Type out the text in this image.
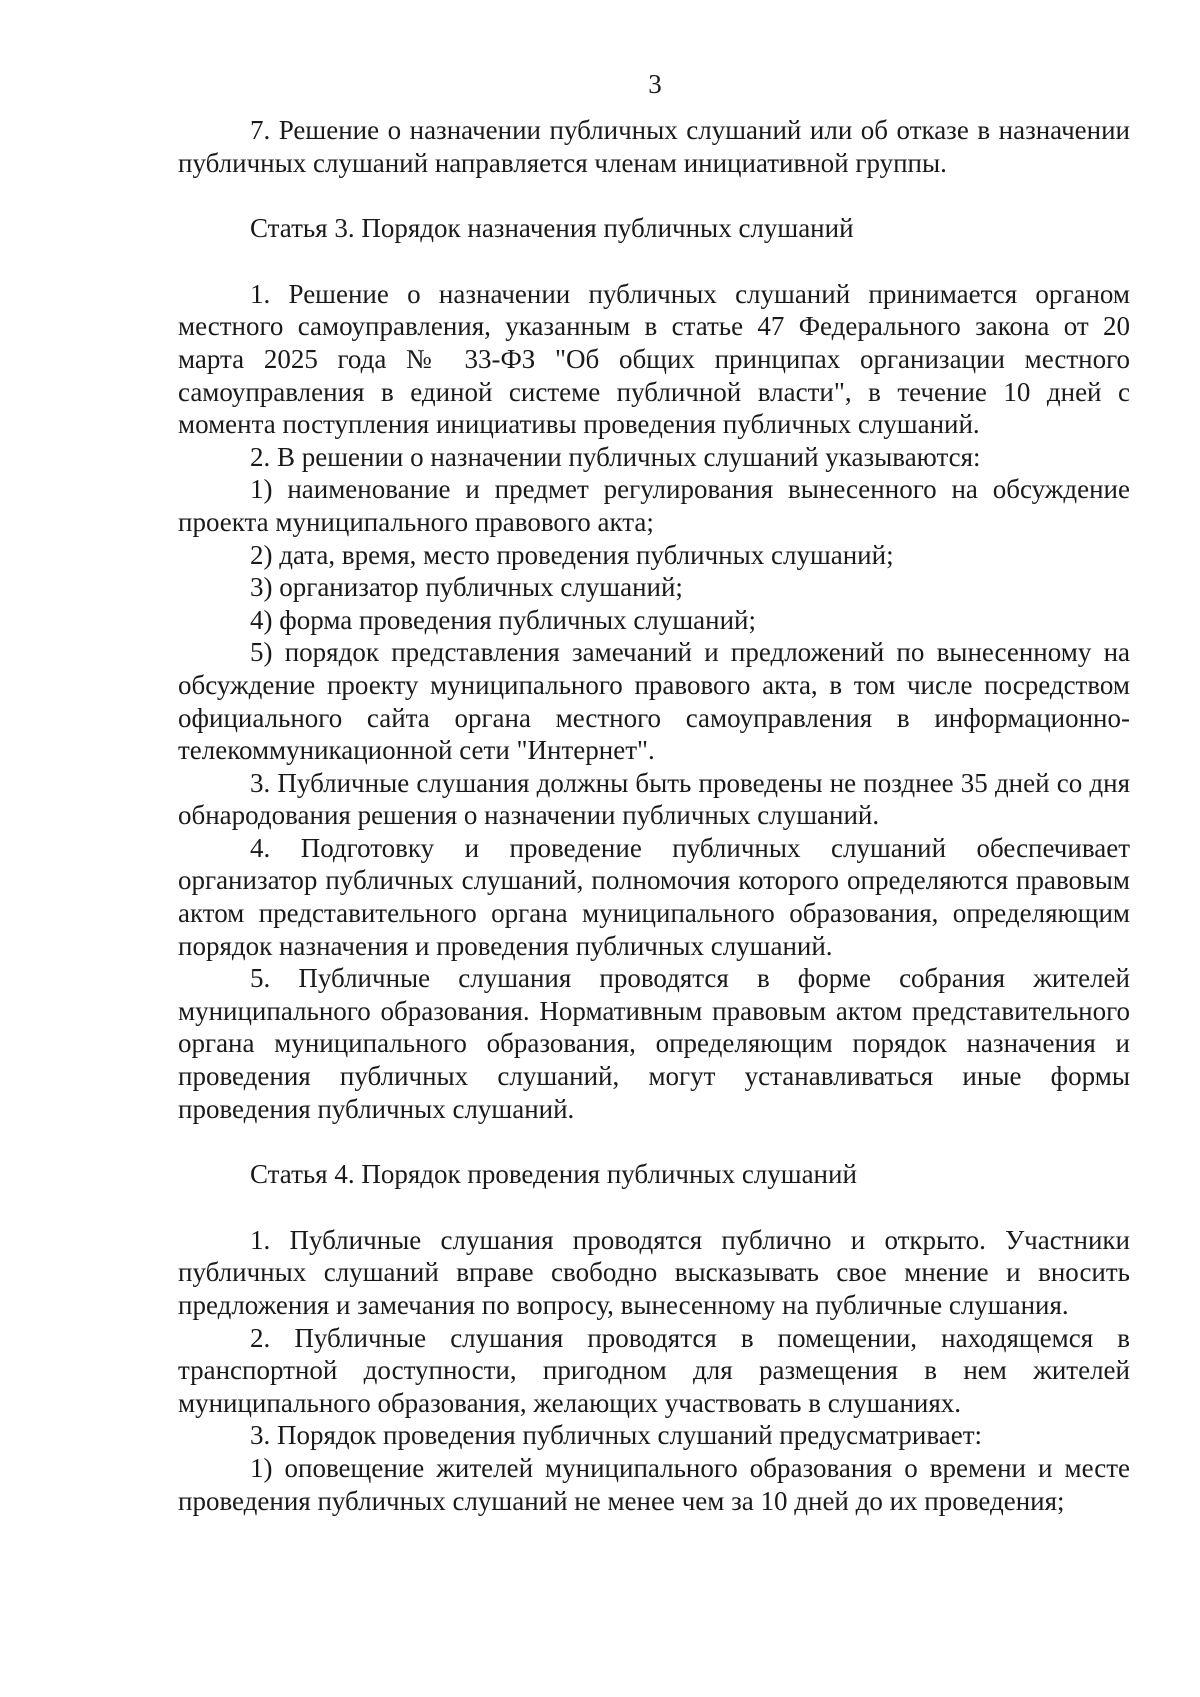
3

7. Решение о назначении публичных слушаний или об отказе в назначении публичных слушаний направляется членам инициативной группы.

Статья 3. Порядок назначения публичных слушаний

1. Решение о назначении публичных слушаний принимается органом местного самоуправления, указанным в статье 47 Федерального закона от 20 марта 2025 года № 33-ФЗ "Об общих принципах организации местного самоуправления в единой системе публичной власти", в течение 10 дней с момента поступления инициативы проведения публичных слушаний.

2. В решении о назначении публичных слушаний указываются:

1) наименование и предмет регулирования вынесенного на обсуждение проекта муниципального правового акта;

2) дата, время, место проведения публичных слушаний;

3) организатор публичных слушаний;

4) форма проведения публичных слушаний;

5) порядок представления замечаний и предложений по вынесенному на обсуждение проекту муниципального правового акта, в том числе посредством официального сайта органа местного самоуправления в информационно-телекоммуникационной сети "Интернет".

3. Публичные слушания должны быть проведены не позднее 35 дней со дня обнародования решения о назначении публичных слушаний.

4. Подготовку и проведение публичных слушаний обеспечивает организатор публичных слушаний, полномочия которого определяются правовым актом представительного органа муниципального образования, определяющим порядок назначения и проведения публичных слушаний.

5. Публичные слушания проводятся в форме собрания жителей муниципального образования. Нормативным правовым актом представительного органа муниципального образования, определяющим порядок назначения и проведения публичных слушаний, могут устанавливаться иные формы проведения публичных слушаний.

Статья 4. Порядок проведения публичных слушаний

1. Публичные слушания проводятся публично и открыто. Участники публичных слушаний вправе свободно высказывать свое мнение и вносить предложения и замечания по вопросу, вынесенному на публичные слушания.

2. Публичные слушания проводятся в помещении, находящемся в транспортной доступности, пригодном для размещения в нем жителей муниципального образования, желающих участвовать в слушаниях.

3. Порядок проведения публичных слушаний предусматривает:

1) оповещение жителей муниципального образования о времени и месте проведения публичных слушаний не менее чем за 10 дней до их проведения;
